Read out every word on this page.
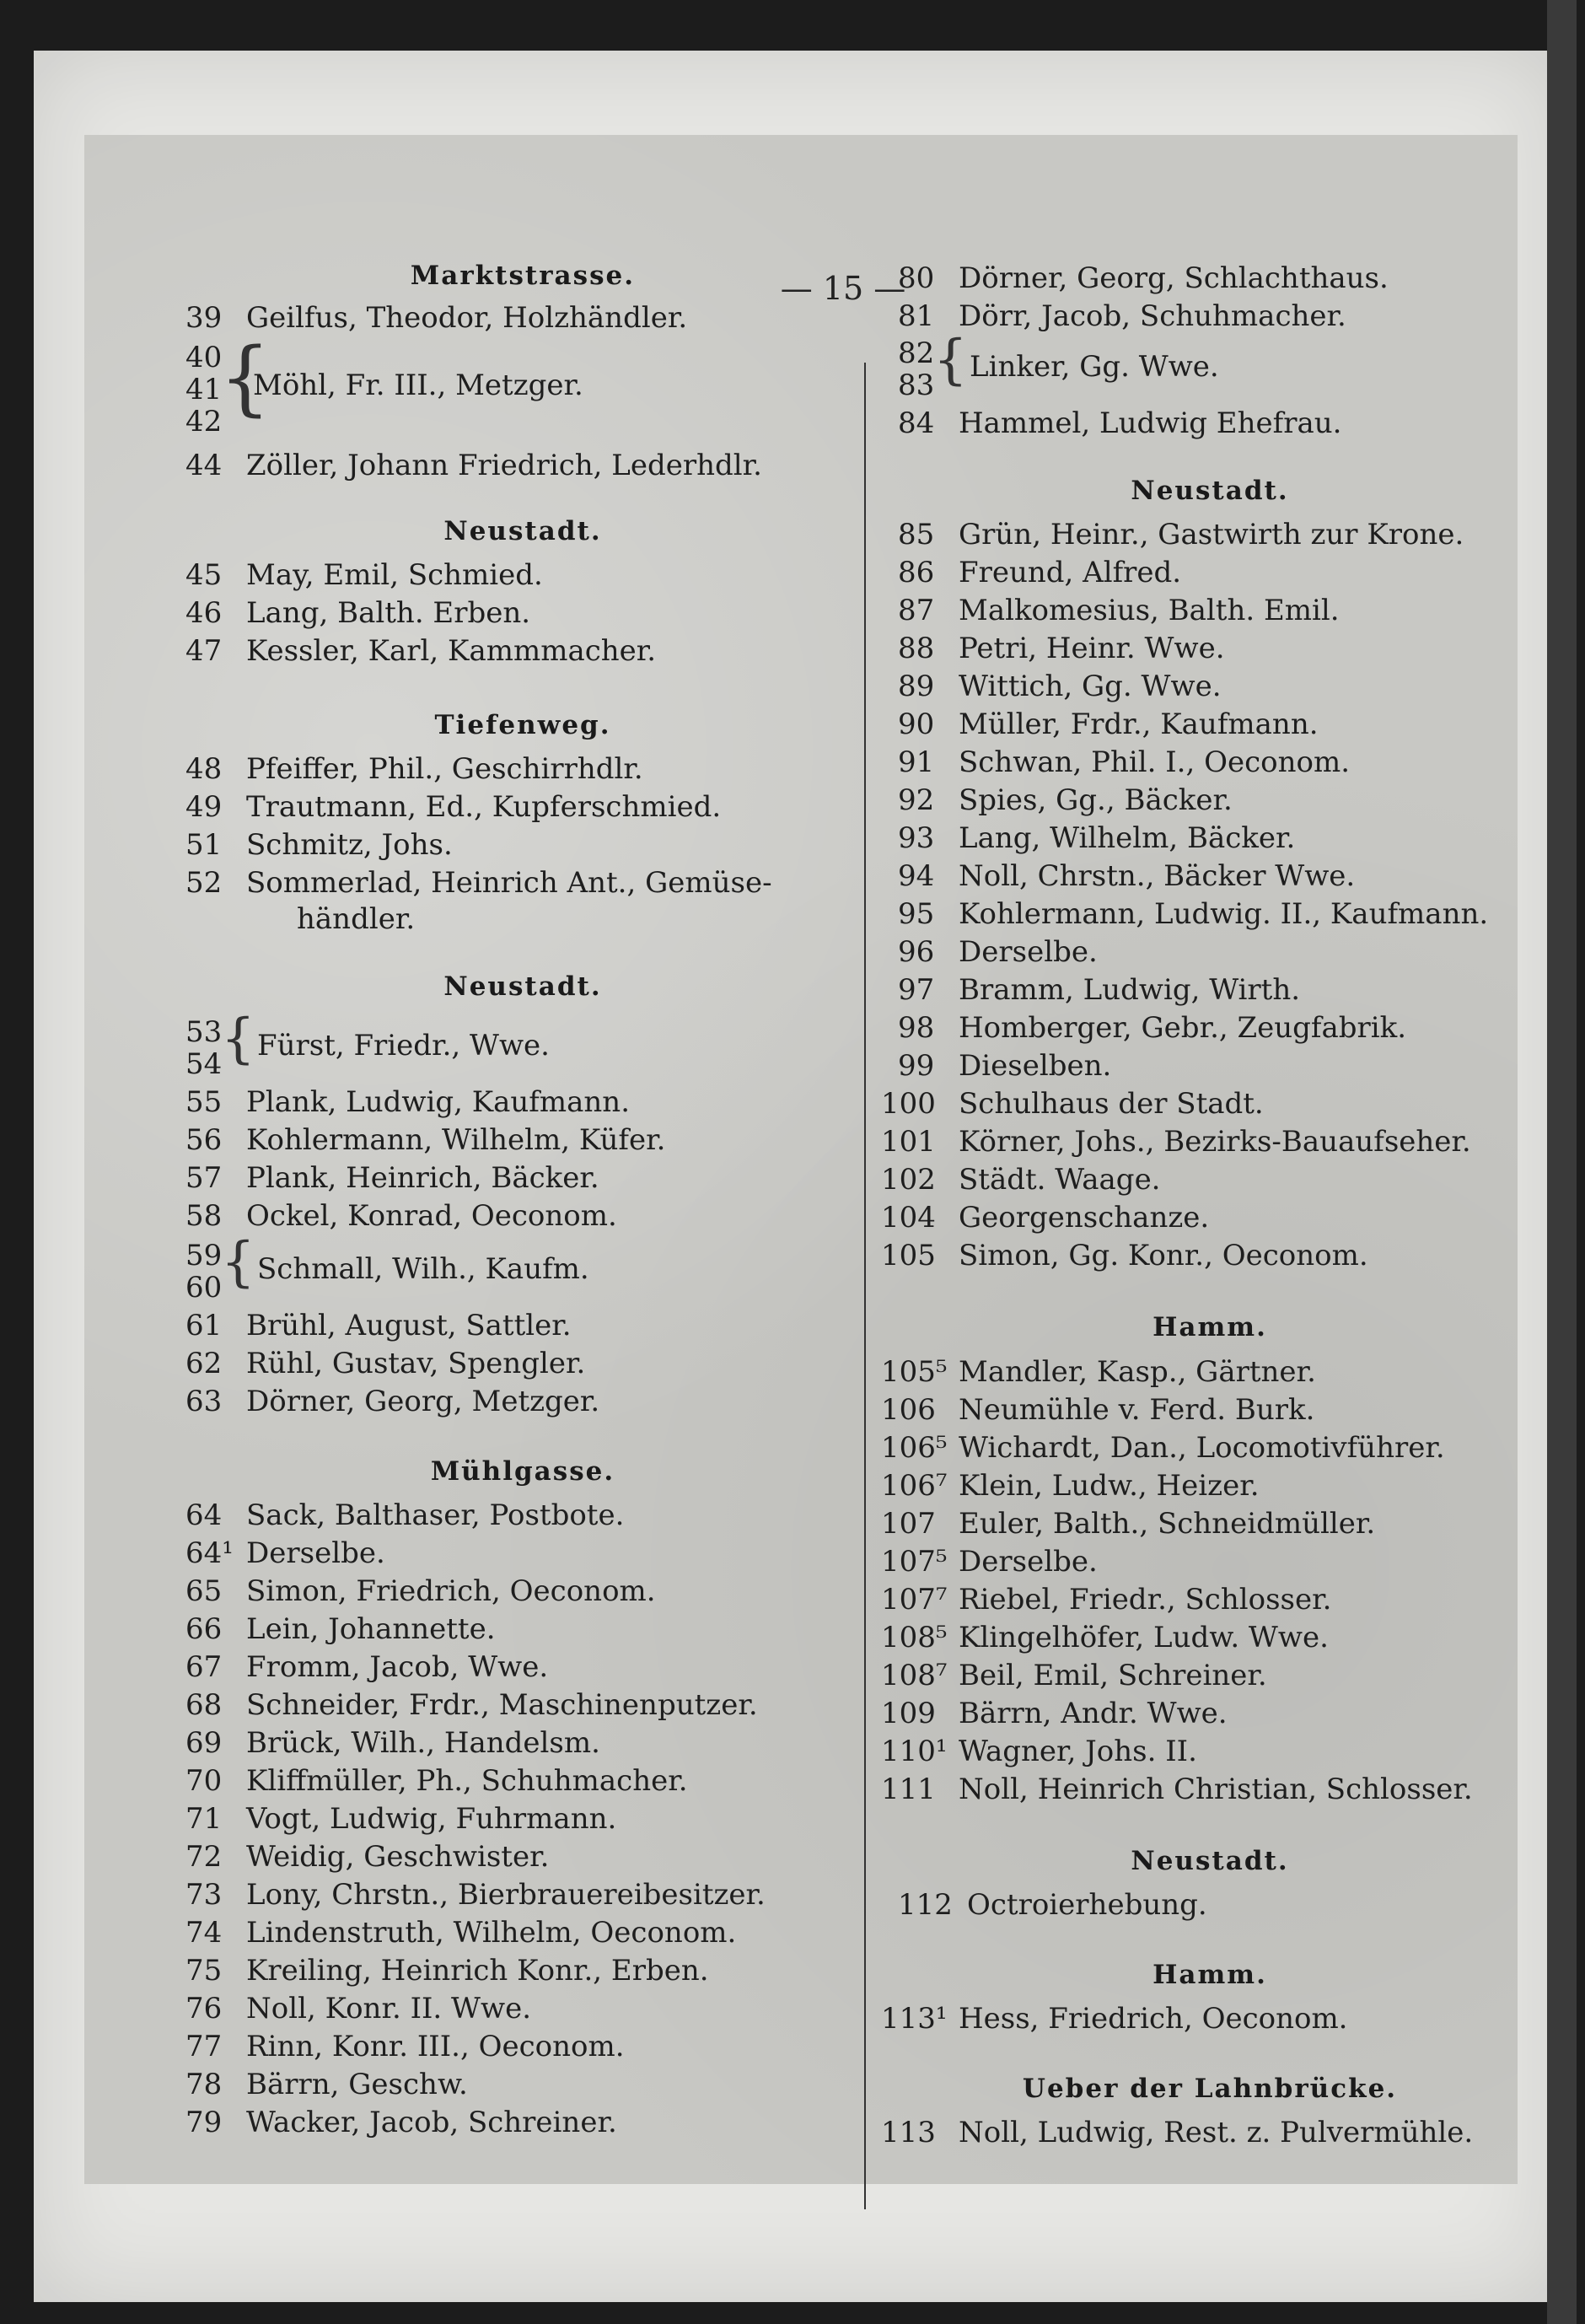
— 15 —
Marktstrasse.
39 Geilfus, Theodor, Holzhändler.
40
41
42
{
Möhl, Fr. III., Metzger.
44 Zöller, Johann Friedrich, Lederhdlr.
Neustadt.
45 May, Emil, Schmied.
46 Lang, Balth. Erben.
47 Kessler, Karl, Kammmacher.
Tiefenweg.
48 Pfeiffer, Phil., Geschirrhdlr.
49 Trautmann, Ed., Kupferschmied.
51 Schmitz, Johs.
52 Sommerlad, Heinrich Ant., Gemüse-
händler.
Neustadt.
53
54
{ Fürst, Friedr., Wwe.
55 Plank, Ludwig, Kaufmann.
56 Kohlermann, Wilhelm, Küfer.
57 Plank, Heinrich, Bäcker.
58 Ockel, Konrad, Oeconom.
59
60
{ Schmall, Wilh., Kaufm.
61 Brühl, August, Sattler.
62 Rühl, Gustav, Spengler.
63 Dörner, Georg, Metzger.
Mühlgasse.
64 Sack, Balthaser, Postbote.
64¹ Derselbe.
65 Simon, Friedrich, Oeconom.
66 Lein, Johannette.
67 Fromm, Jacob, Wwe.
68 Schneider, Frdr., Maschinenputzer.
69 Brück, Wilh., Handelsm.
70 Kliffmüller, Ph., Schuhmacher.
71 Vogt, Ludwig, Fuhrmann.
72 Weidig, Geschwister.
73 Lony, Chrstn., Bierbrauereibesitzer.
74 Lindenstruth, Wilhelm, Oeconom.
75 Kreiling, Heinrich Konr., Erben.
76 Noll, Konr. II. Wwe.
77 Rinn, Konr. III., Oeconom.
78 Bärrn, Geschw.
79 Wacker, Jacob, Schreiner.
80 Dörner, Georg, Schlachthaus.
81 Dörr, Jacob, Schuhmacher.
82
83
{ Linker, Gg. Wwe.
84 Hammel, Ludwig Ehefrau.
Neustadt.
85 Grün, Heinr., Gastwirth zur Krone.
86 Freund, Alfred.
87 Malkomesius, Balth. Emil.
88 Petri, Heinr. Wwe.
89 Wittich, Gg. Wwe.
90 Müller, Frdr., Kaufmann.
91 Schwan, Phil. I., Oeconom.
92 Spies, Gg., Bäcker.
93 Lang, Wilhelm, Bäcker.
94 Noll, Chrstn., Bäcker Wwe.
95 Kohlermann, Ludwig. II., Kaufmann.
96 Derselbe.
97 Bramm, Ludwig, Wirth.
98 Homberger, Gebr., Zeugfabrik.
99 Dieselben.
100 Schulhaus der Stadt.
101 Körner, Johs., Bezirks-Bauaufseher.
102 Städt. Waage.
104 Georgenschanze.
105 Simon, Gg. Konr., Oeconom.
Hamm.
105⁵ Mandler, Kasp., Gärtner.
106 Neumühle v. Ferd. Burk.
106⁵ Wichardt, Dan., Locomotivführer.
106⁷ Klein, Ludw., Heizer.
107 Euler, Balth., Schneidmüller.
107⁵ Derselbe.
107⁷ Riebel, Friedr., Schlosser.
108⁵ Klingelhöfer, Ludw. Wwe.
108⁷ Beil, Emil, Schreiner.
109 Bärrn, Andr. Wwe.
110¹ Wagner, Johs. II.
111 Noll, Heinrich Christian, Schlosser.
Neustadt.
112 Octroierhebung.
Hamm.
113¹ Hess, Friedrich, Oeconom.
Ueber der Lahnbrücke.
113 Noll, Ludwig, Rest. z. Pulvermühle.
